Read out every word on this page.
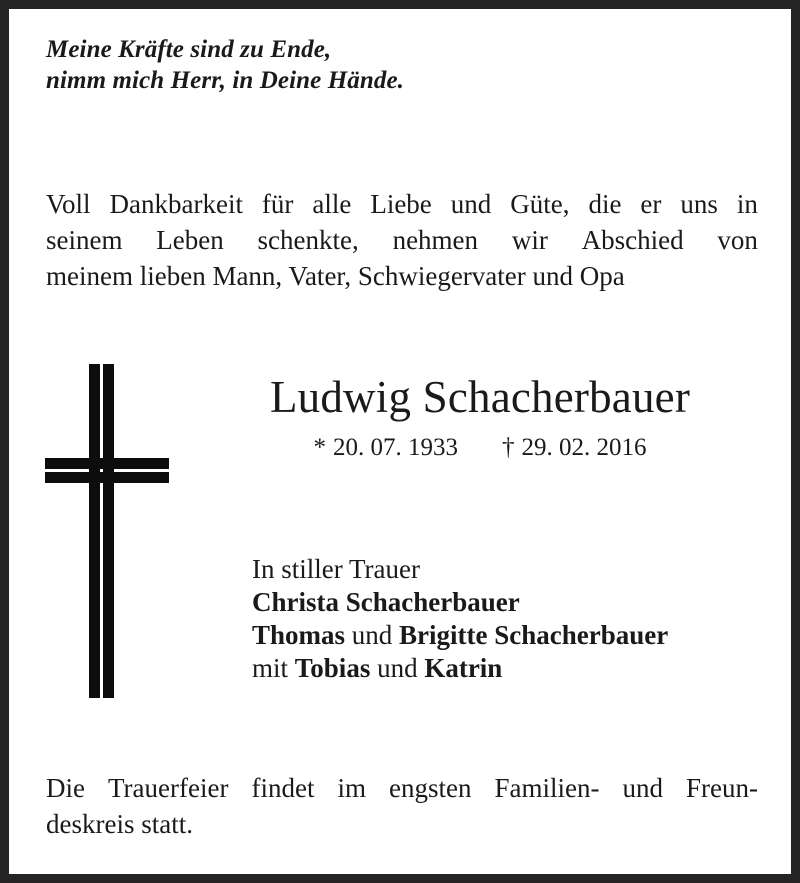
Meine Kräfte sind zu Ende,
nimm mich Herr, in Deine Hände.
Voll Dankbarkeit für alle Liebe und Güte, die er uns in
seinem Leben schenkte, nehmen wir Abschied von
meinem lieben Mann, Vater, Schwiegervater und Opa
Ludwig Schacherbauer
* 20. 07. 1933 † 29. 02. 2016
In stiller Trauer
Christa Schacherbauer
Thomas und Brigitte Schacherbauer
mit Tobias und Katrin
Die Trauerfeier findet im engsten Familien- und Freun-
deskreis statt.
